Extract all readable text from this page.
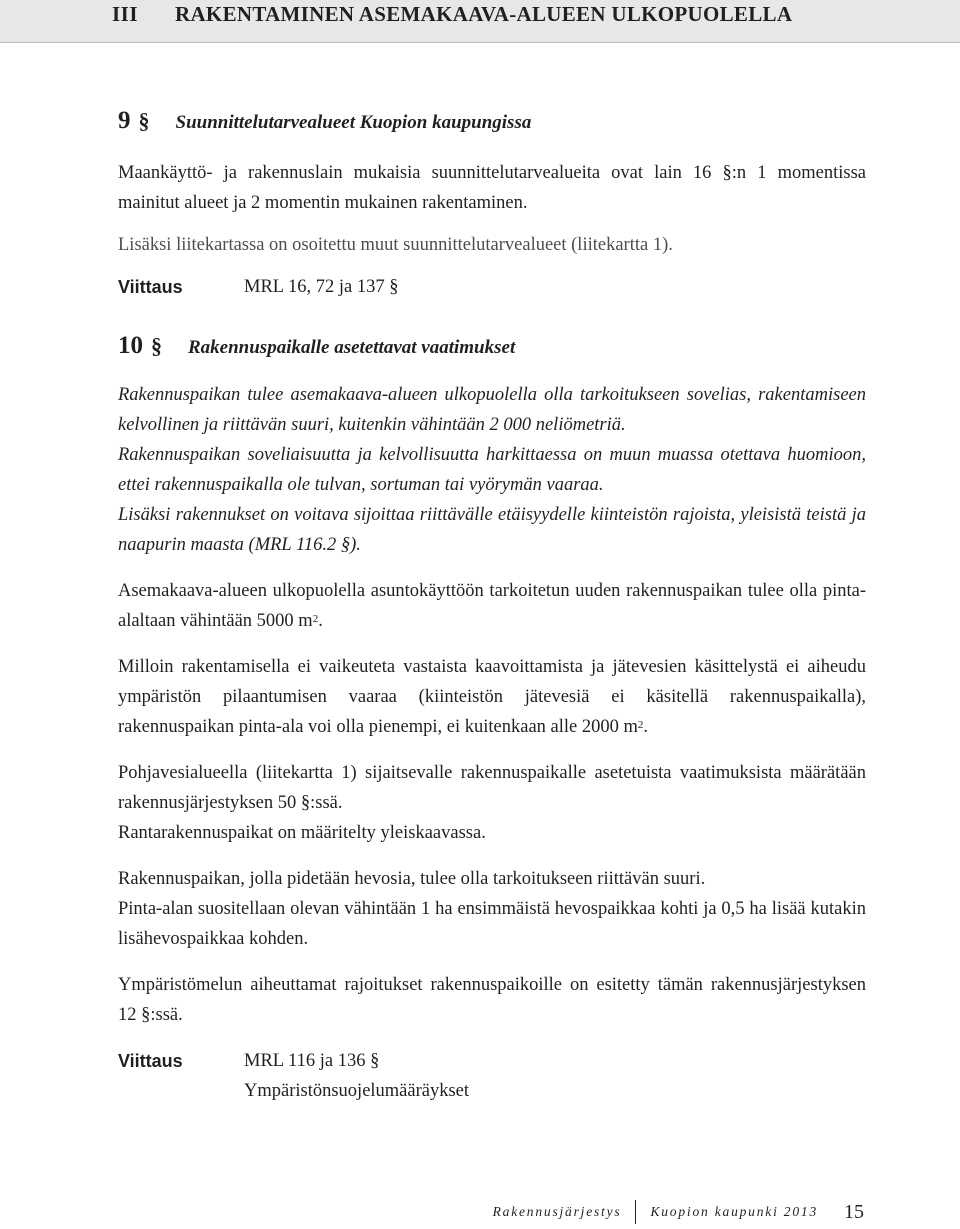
III RAKENTAMINEN ASEMAKAAVA-ALUEEN ULKOPUOLELLA
9 § Suunnittelutarvealueet Kuopion kaupungissa

Maankäyttö- ja rakennuslain mukaisia suunnittelutarvealueita ovat lain 16 §:n 1 momentissa mainitut alueet ja 2 momentin mukainen rakentaminen.

Lisäksi liitekartassa on osoitettu muut suunnittelutarvealueet (liitekartta 1).

Viittaus	MRL 16, 72 ja 137 §
10 § Rakennuspaikalle asetettavat vaatimukset

Rakennuspaikan tulee asemakaava-alueen ulkopuolella olla tarkoitukseen sovelias, rakentamiseen kelvollinen ja riittävän suuri, kuitenkin vähintään 2 000 neliömetriä.

Rakennuspaikan soveliaisuutta ja kelvollisuutta harkittaessa on muun muassa otettava huomioon, ettei rakennuspaikalla ole tulvan, sortuman tai vyörymän vaaraa.

Lisäksi rakennukset on voitava sijoittaa riittävälle etäisyydelle kiinteistön rajoista, yleisistä teistä ja naapurin maasta (MRL 116.2 §).

Asemakaava-alueen ulkopuolella asuntokäyttöön tarkoitetun uuden rakennuspaikan tulee olla pinta-alaltaan vähintään 5000 $m^2$.

Milloin rakentamisella ei vaikeuteta vastaista kaavoittamista ja jätevesien käsittelystä ei aiheudu ympäristön pilaantumisen vaaraa (kiinteistön jätevesiä ei käsitellä rakennuspaikalla), rakennuspaikan pinta-ala voi olla pienempi, ei kuitenkaan alle 2000 $m^2$.

Pohjavesialueella (liitekartta 1) sijaitsevalle rakennuspaikalle asetetuista vaatimuksista määrätään rakennusjärjestyksen 50 §:ssä.

Rantarakennuspaikat on määritelty yleiskaavassa.

Rakennuspaikan, jolla pidetään hevosia, tulee olla tarkoitukseen riittävän suuri.

Pinta-alan suositellaan olevan vähintään 1 ha ensimmäistä hevospaikkaa kohti ja 0,5 ha lisää kutakin lisähevospaikkaa kohden.

Ympäristömelun aiheuttamat rajoitukset rakennuspaikoille on esitetty tämän rakennusjärjestyksen 12 §:ssä.

Viittaus	MRL 116 ja 136 §

Ympäristönsuojelumääräykset

Rakennusjärjestys Kuopion kaupunki 2013 15
